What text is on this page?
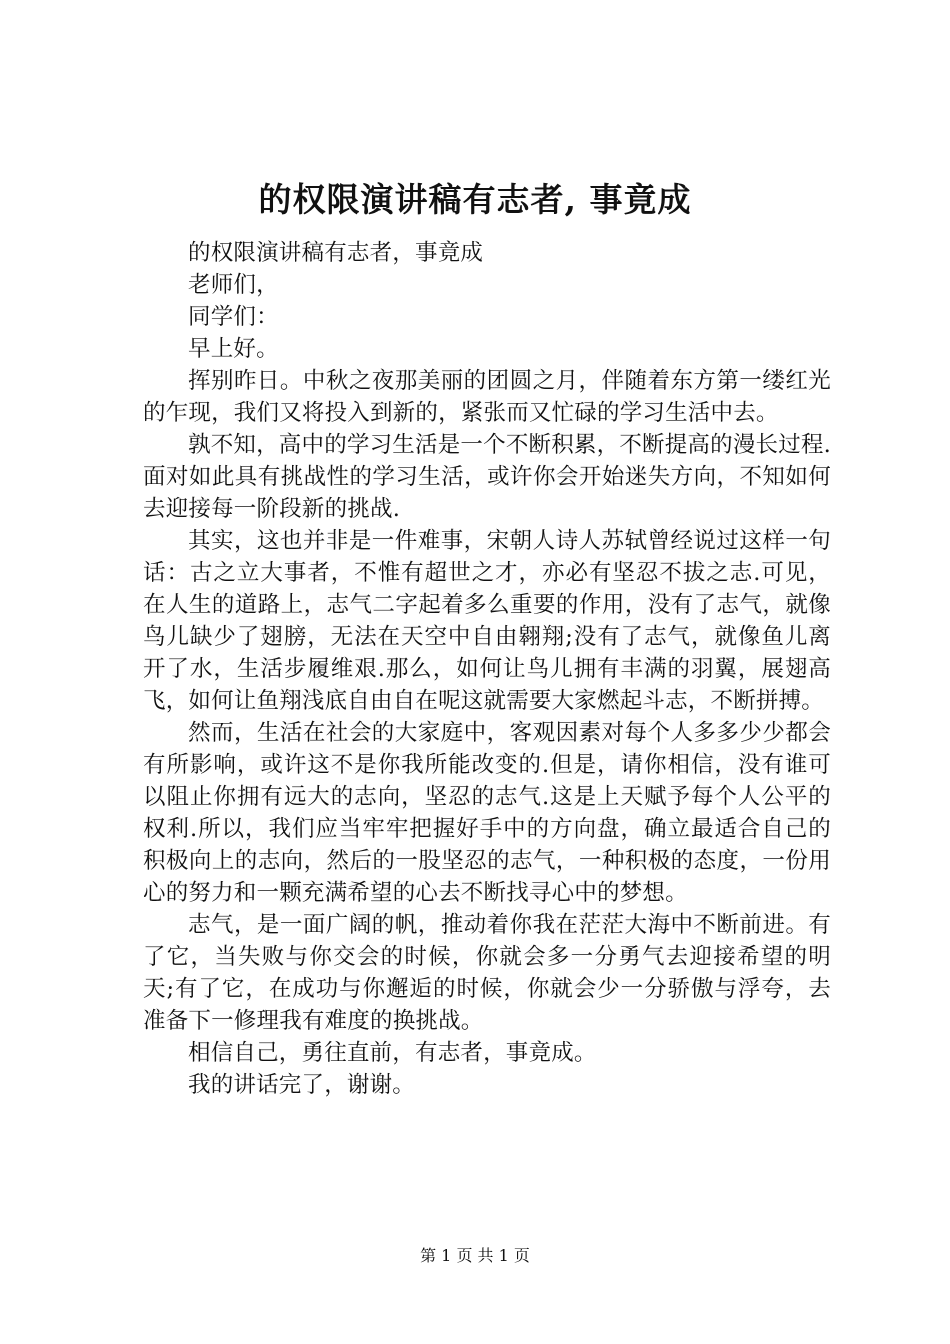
的权限演讲稿有志者, 事竟成

的权限演讲稿有志者，事竟成

老师们，

同学们：

早上好。

挥别昨日。中秋之夜那美丽的团圆之月，伴随着东方第一缕红光的乍现，我们又将投入到新的，紧张而又忙碌的学习生活中去。

孰不知，高中的学习生活是一个不断积累，不断提高的漫长过程.面对如此具有挑战性的学习生活，或许你会开始迷失方向，不知如何去迎接每一阶段新的挑战.

其实，这也并非是一件难事，宋朝人诗人苏轼曾经说过这样一句话：古之立大事者，不惟有超世之才，亦必有坚忍不拔之志.可见，在人生的道路上，志气二字起着多么重要的作用，没有了志气，就像鸟儿缺少了翅膀，无法在天空中自由翱翔;没有了志气，就像鱼儿离开了水，生活步履维艰.那么，如何让鸟儿拥有丰满的羽翼，展翅高飞，如何让鱼翔浅底自由自在呢这就需要大家燃起斗志，不断拼搏。

然而，生活在社会的大家庭中，客观因素对每个人多多少少都会有所影响，或许这不是你我所能改变的.但是，请你相信，没有谁可以阻止你拥有远大的志向，坚忍的志气.这是上天赋予每个人公平的权利.所以，我们应当牢牢把握好手中的方向盘，确立最适合自己的积极向上的志向，然后的一股坚忍的志气，一种积极的态度，一份用心的努力和一颗充满希望的心去不断找寻心中的梦想。

志气，是一面广阔的帆，推动着你我在茫茫大海中不断前进。有了它，当失败与你交会的时候，你就会多一分勇气去迎接希望的明天;有了它，在成功与你邂逅的时候，你就会少一分骄傲与浮夸，去准备下一修理我有难度的换挑战。

相信自己，勇往直前，有志者，事竟成。

我的讲话完了，谢谢。

第 1 页 共 1 页
